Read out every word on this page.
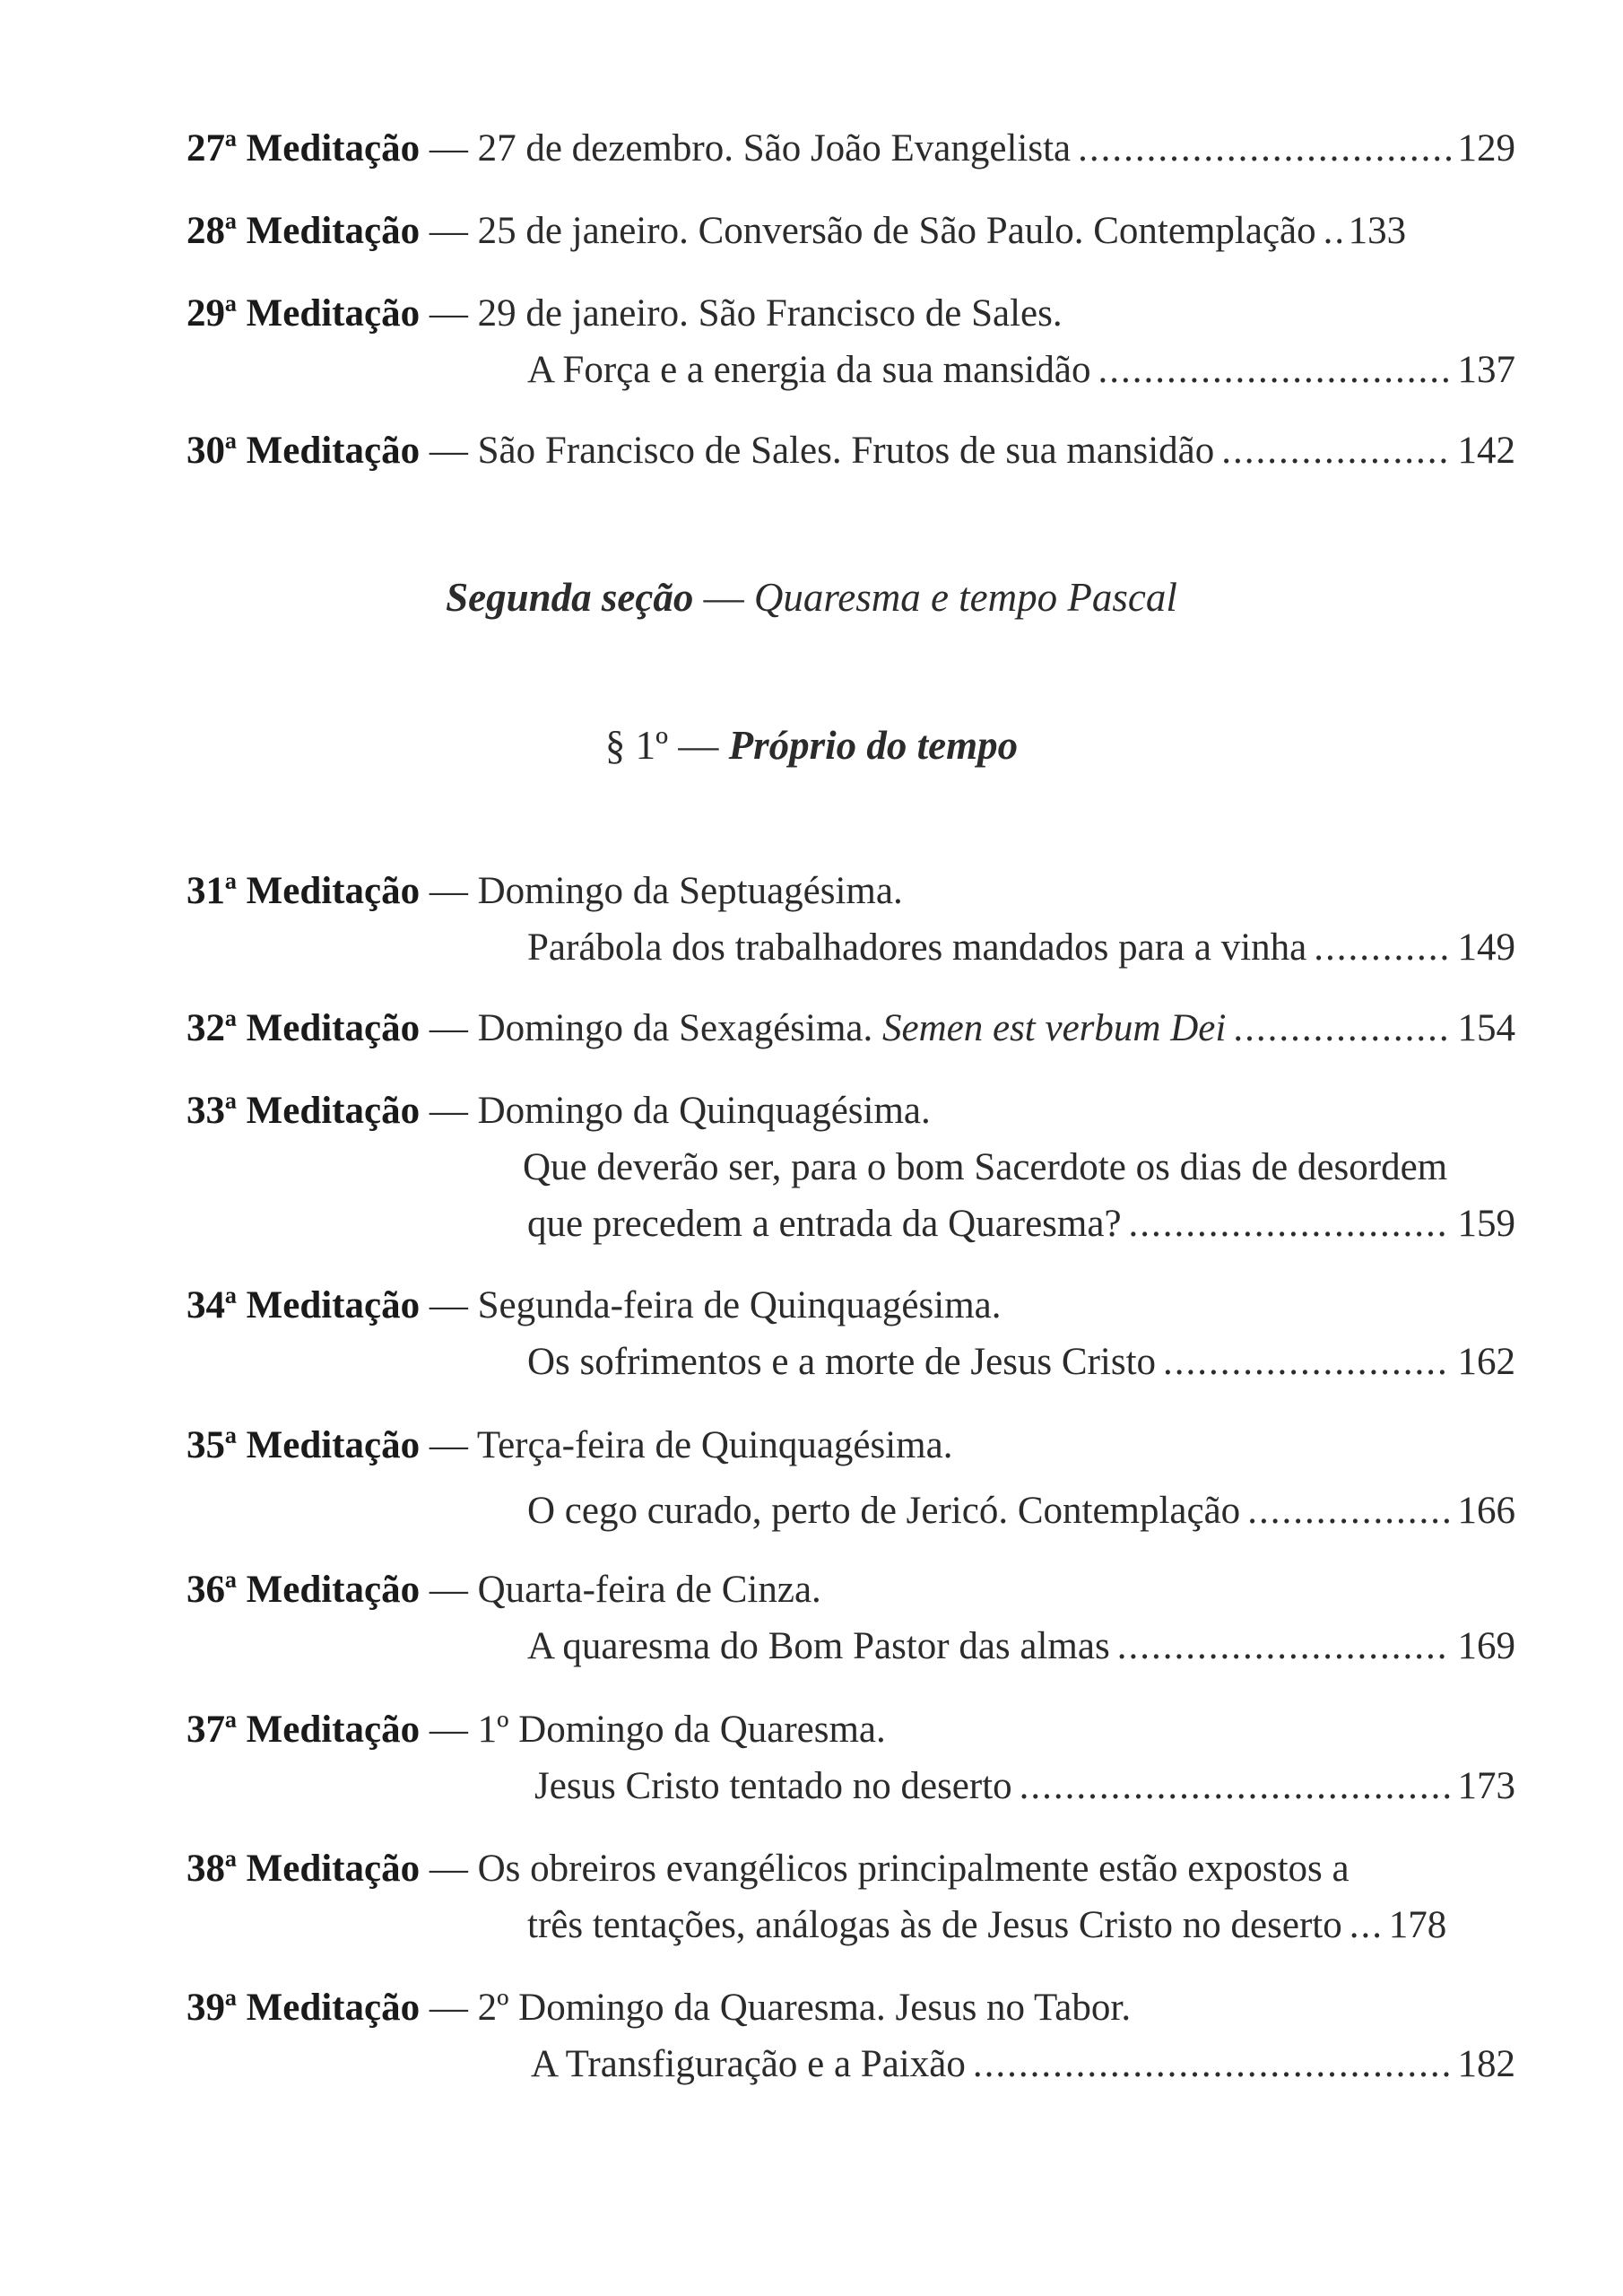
27ª Meditação — 27 de dezembro. São João Evangelista .....	129
28ª Meditação — 25 de janeiro. Conversão de São Paulo. Contemplação ..... 133
29ª Meditação — 29 de janeiro. São Francisco de Sales.
A Força e a energia da sua mansidão .....	137
30ª Meditação — São Francisco de Sales. Frutos de sua mansidão .....	142
Segunda seção — Quaresma e tempo Pascal
§ 1º — Próprio do tempo
31ª Meditação — Domingo da Septuagésima.
Parábola dos trabalhadores mandados para a vinha .....	149
32ª Meditação — Domingo da Sexagésima. Semen est verbum Dei .....	154
33ª Meditação — Domingo da Quinquagésima.
Que deverão ser, para o bom Sacerdote os dias de desordem
que precedem a entrada da Quaresma? .....	159
34ª Meditação — Segunda-feira de Quinquagésima.
Os sofrimentos e a morte de Jesus Cristo .....	162
35ª Meditação — Terça-feira de Quinquagésima.
O cego curado, perto de Jericó. Contemplação .....	166
36ª Meditação — Quarta-feira de Cinza.
A quaresma do Bom Pastor das almas .....	169
37ª Meditação — 1º Domingo da Quaresma.
Jesus Cristo tentado no deserto .....	173
38ª Meditação — Os obreiros evangélicos principalmente estão expostos a
três tentações, análogas às de Jesus Cristo no deserto ..... 178
39ª Meditação — 2º Domingo da Quaresma. Jesus no Tabor.
A Transfiguração e a Paixão .....	182
